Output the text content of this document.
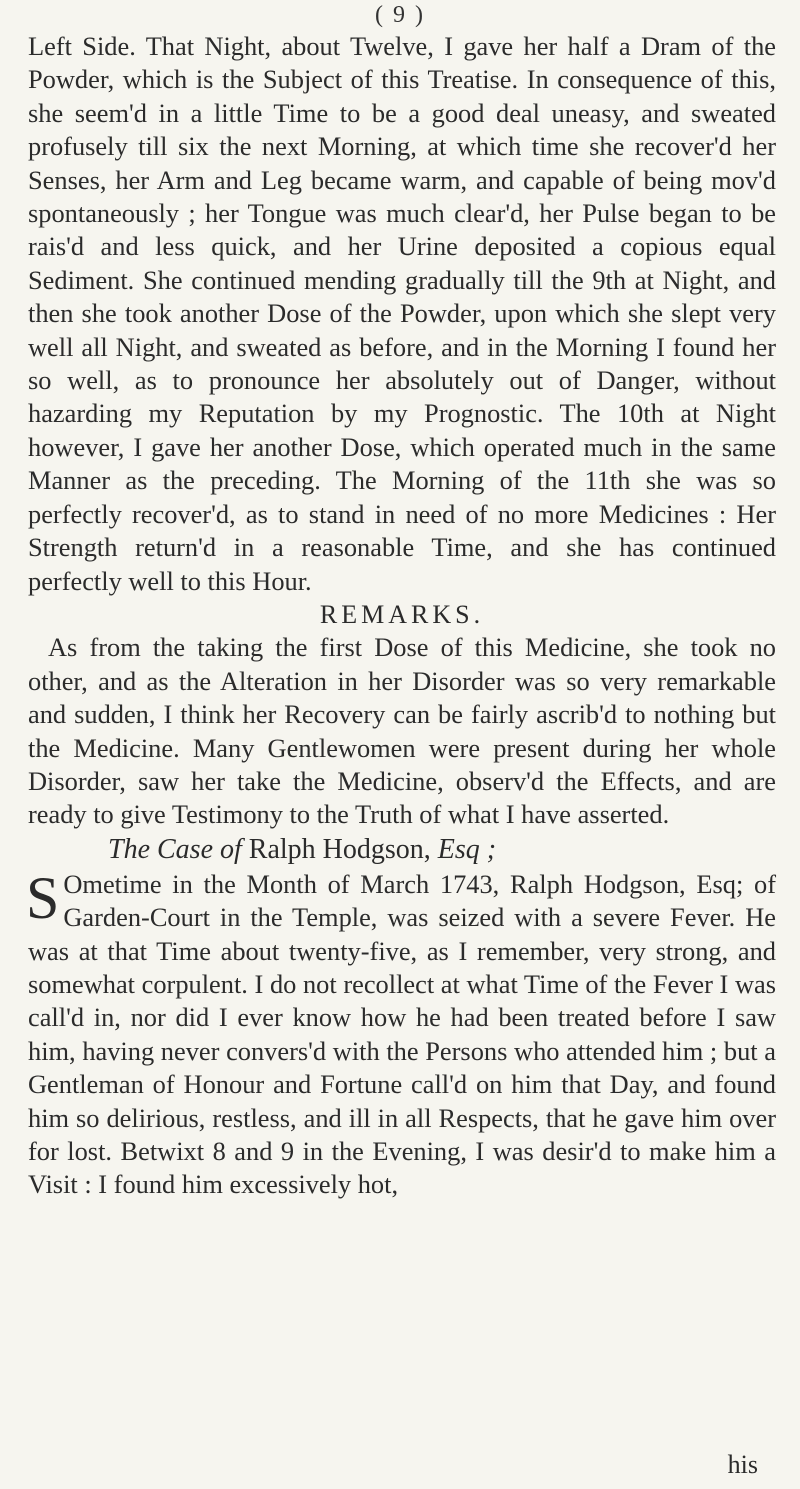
( 9 )

Left Side. That Night, about Twelve, I gave her half a Dram of the Powder, which is the Subject of this Treatise. In consequence of this, she seem'd in a little Time to be a good deal uneasy, and sweated profusely till six the next Morning, at which time she recover'd her Senses, her Arm and Leg became warm, and capable of being mov'd spontaneously ; her Tongue was much clear'd, her Pulse began to be rais'd and less quick, and her Urine deposited a copious equal Sediment. She continued mending gradually till the 9th at Night, and then she took another Dose of the Powder, upon which she slept very well all Night, and sweated as before, and in the Morning I found her so well, as to pronounce her absolutely out of Danger, without hazarding my Reputation by my Prognostic. The 10th at Night however, I gave her another Dose, which operated much in the same Manner as the preceding. The Morning of the 11th she was so perfectly recover'd, as to stand in need of no more Medicines : Her Strength return'd in a reasonable Time, and she has continued perfectly well to this Hour.

REMARKS.

As from the taking the first Dose of this Medicine, she took no other, and as the Alteration in her Disorder was so very remarkable and sudden, I think her Recovery can be fairly ascrib'd to nothing but the Medicine. Many Gentlewomen were present during her whole Disorder, saw her take the Medicine, observ'd the Effects, and are ready to give Testimony to the Truth of what I have asserted.

The Case of Ralph Hodgson, Esq ;

S Ometime in the Month of March 1743, Ralph Hodgson, Esq; of Garden-Court in the Temple, was seized with a severe Fever. He was at that Time about twenty-five, as I remember, very strong, and somewhat corpulent. I do not recollect at what Time of the Fever I was call'd in, nor did I ever know how he had been treated before I saw him, having never convers'd with the Persons who attended him ; but a Gentleman of Honour and Fortune call'd on him that Day, and found him so delirious, restless, and ill in all Respects, that he gave him over for lost. Betwixt 8 and 9 in the Evening, I was desir'd to make him a Visit : I found him excessively hot,

his
